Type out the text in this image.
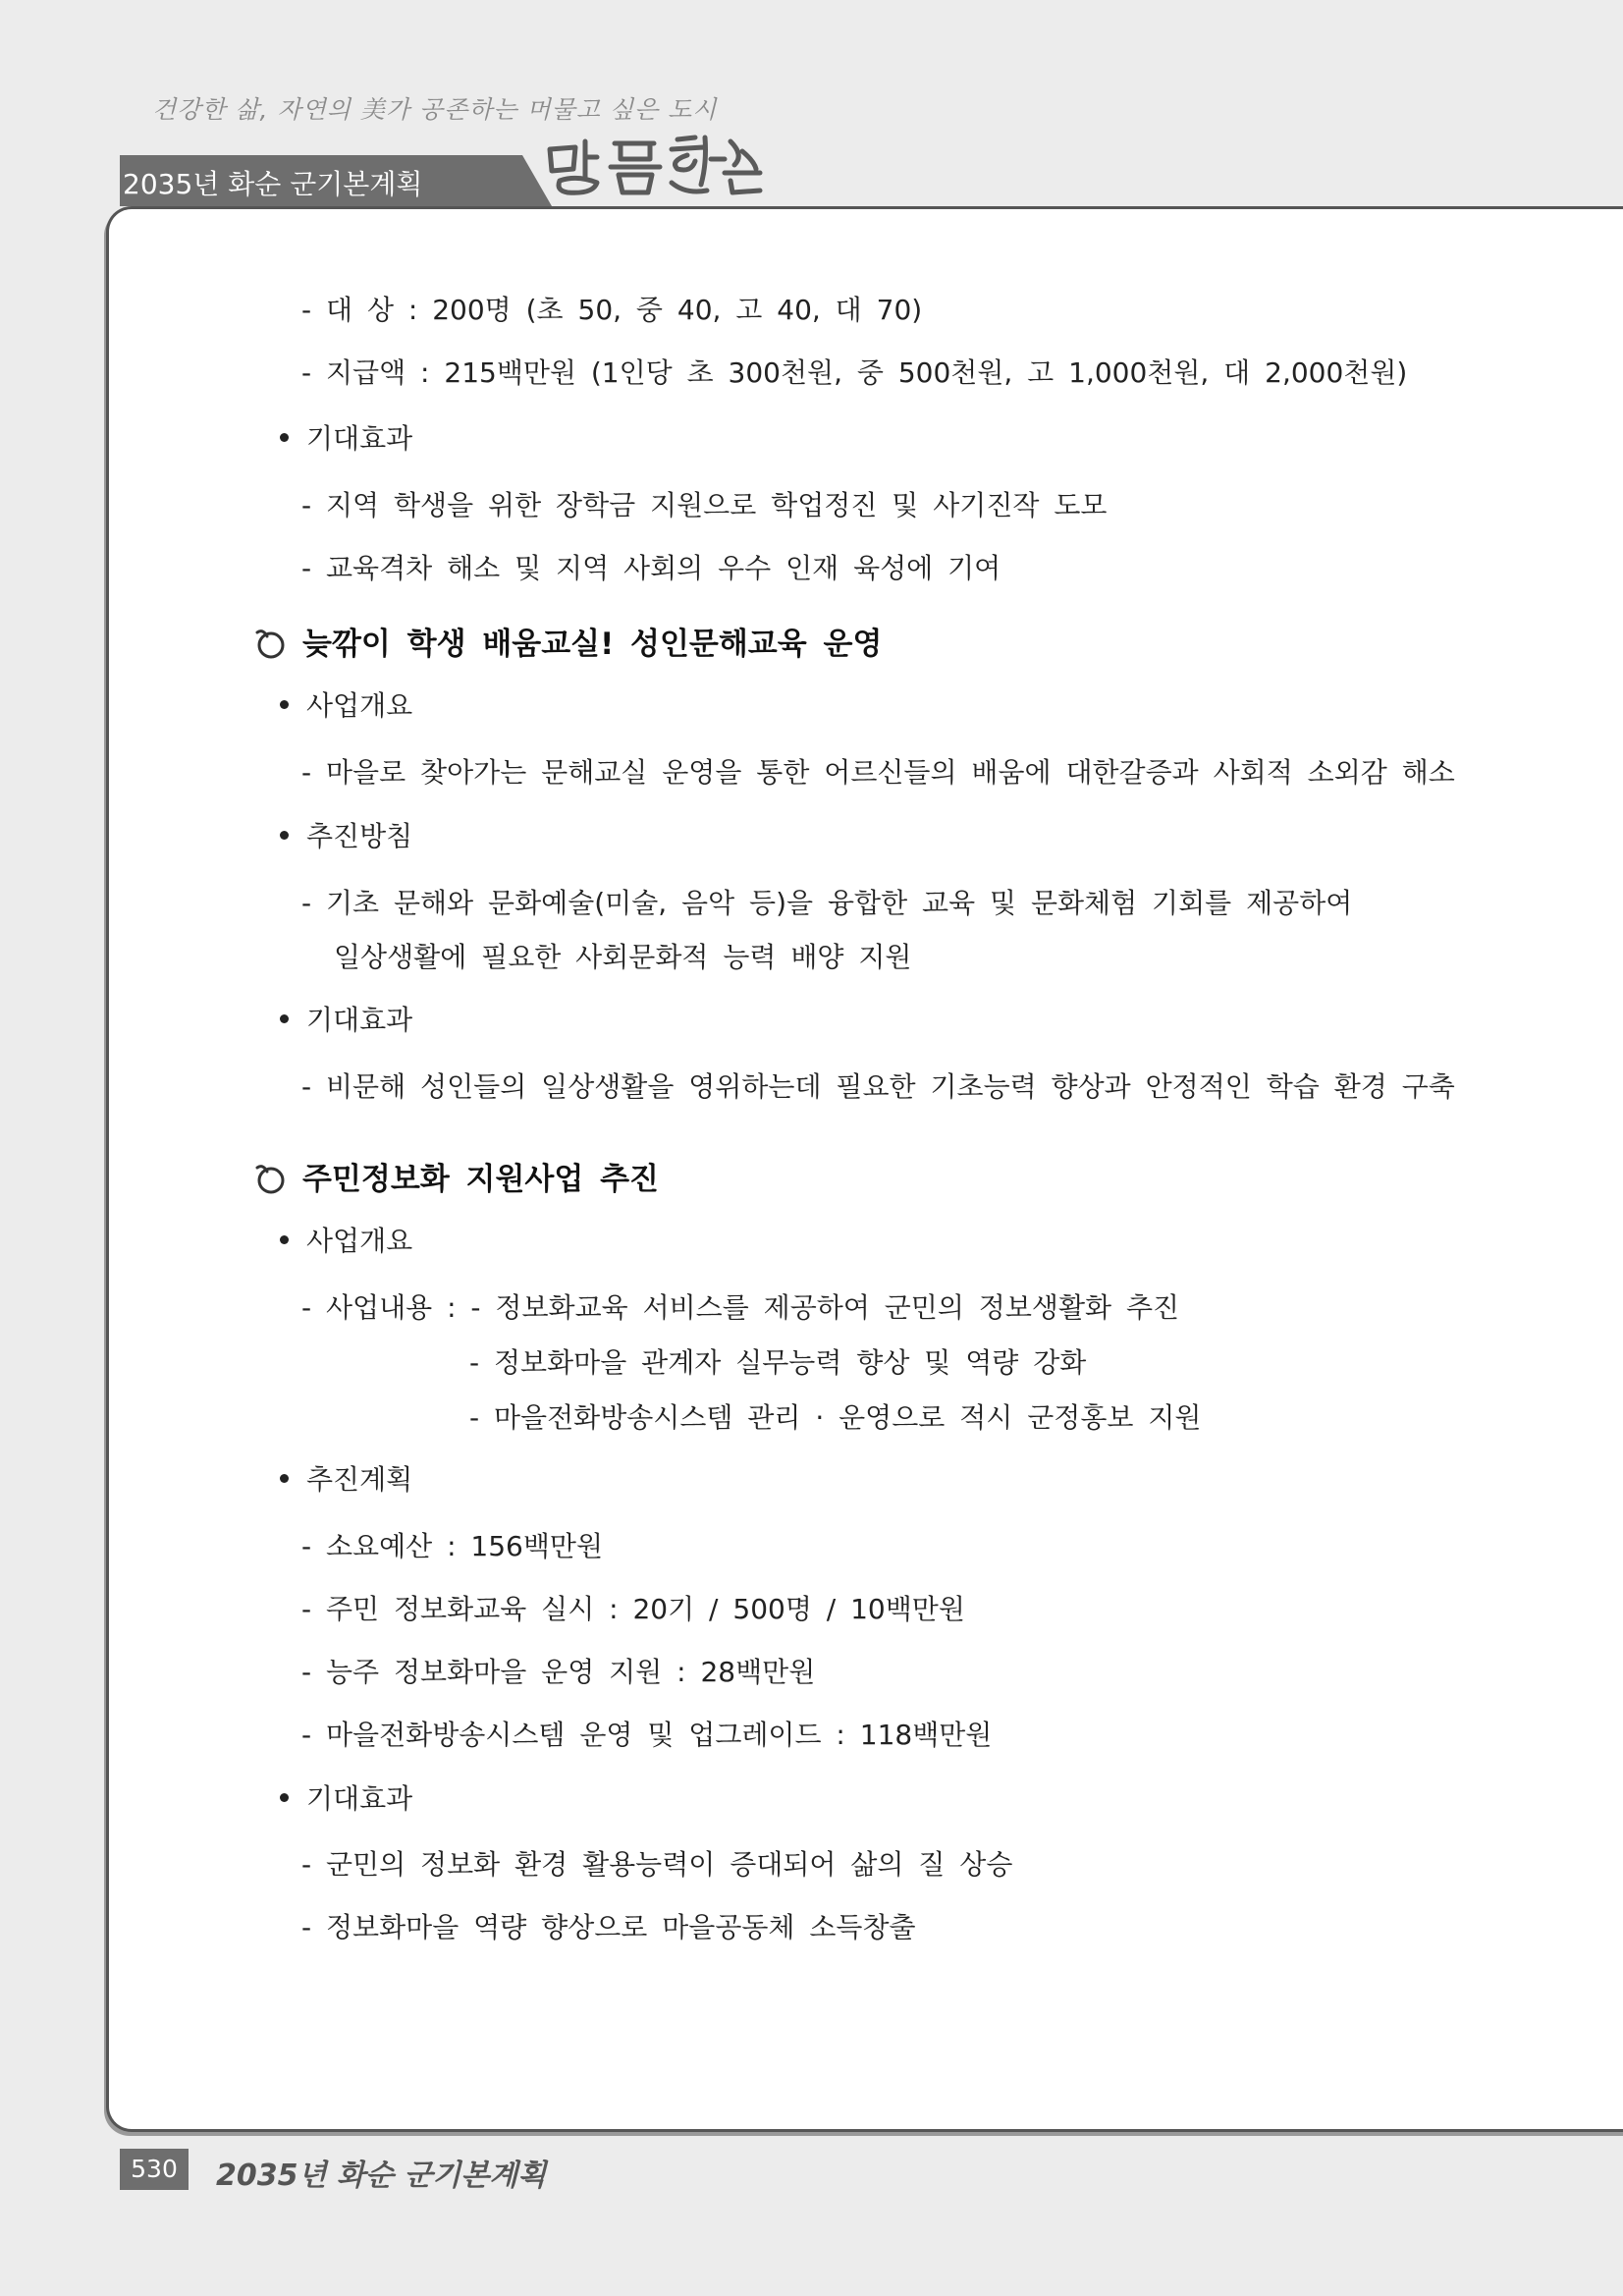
건강한 삶, 자연의 美가 공존하는 머물고 싶은 도시
2035년 화순 군기본계획
- 대 상 : 200명 (초 50, 중 40, 고 40, 대 70)
- 지급액 : 215백만원 (1인당 초 300천원, 중 500천원, 고 1,000천원, 대 2,000천원)
기대효과
- 지역 학생을 위한 장학금 지원으로 학업정진 및 사기진작 도모
- 교육격차 해소 및 지역 사회의 우수 인재 육성에 기여
늦깎이 학생 배움교실! 성인문해교육 운영
사업개요
- 마을로 찾아가는 문해교실 운영을 통한 어르신들의 배움에 대한갈증과 사회적 소외감 해소
추진방침
- 기초 문해와 문화예술(미술, 음악 등)을 융합한 교육 및 문화체험 기회를 제공하여
일상생활에 필요한 사회문화적 능력 배양 지원
기대효과
- 비문해 성인들의 일상생활을 영위하는데 필요한 기초능력 향상과 안정적인 학습 환경 구축
주민정보화 지원사업 추진
사업개요
- 사업내용 : - 정보화교육 서비스를 제공하여 군민의 정보생활화 추진
- 정보화마을 관계자 실무능력 향상 및 역량 강화
- 마을전화방송시스템 관리 · 운영으로 적시 군정홍보 지원
추진계획
- 소요예산 : 156백만원
- 주민 정보화교육 실시 : 20기 / 500명 / 10백만원
- 능주 정보화마을 운영 지원 : 28백만원
- 마을전화방송시스템 운영 및 업그레이드 : 118백만원
기대효과
- 군민의 정보화 환경 활용능력이 증대되어 삶의 질 상승
- 정보화마을 역량 향상으로 마을공동체 소득창출
530	2035년 화순 군기본계획
